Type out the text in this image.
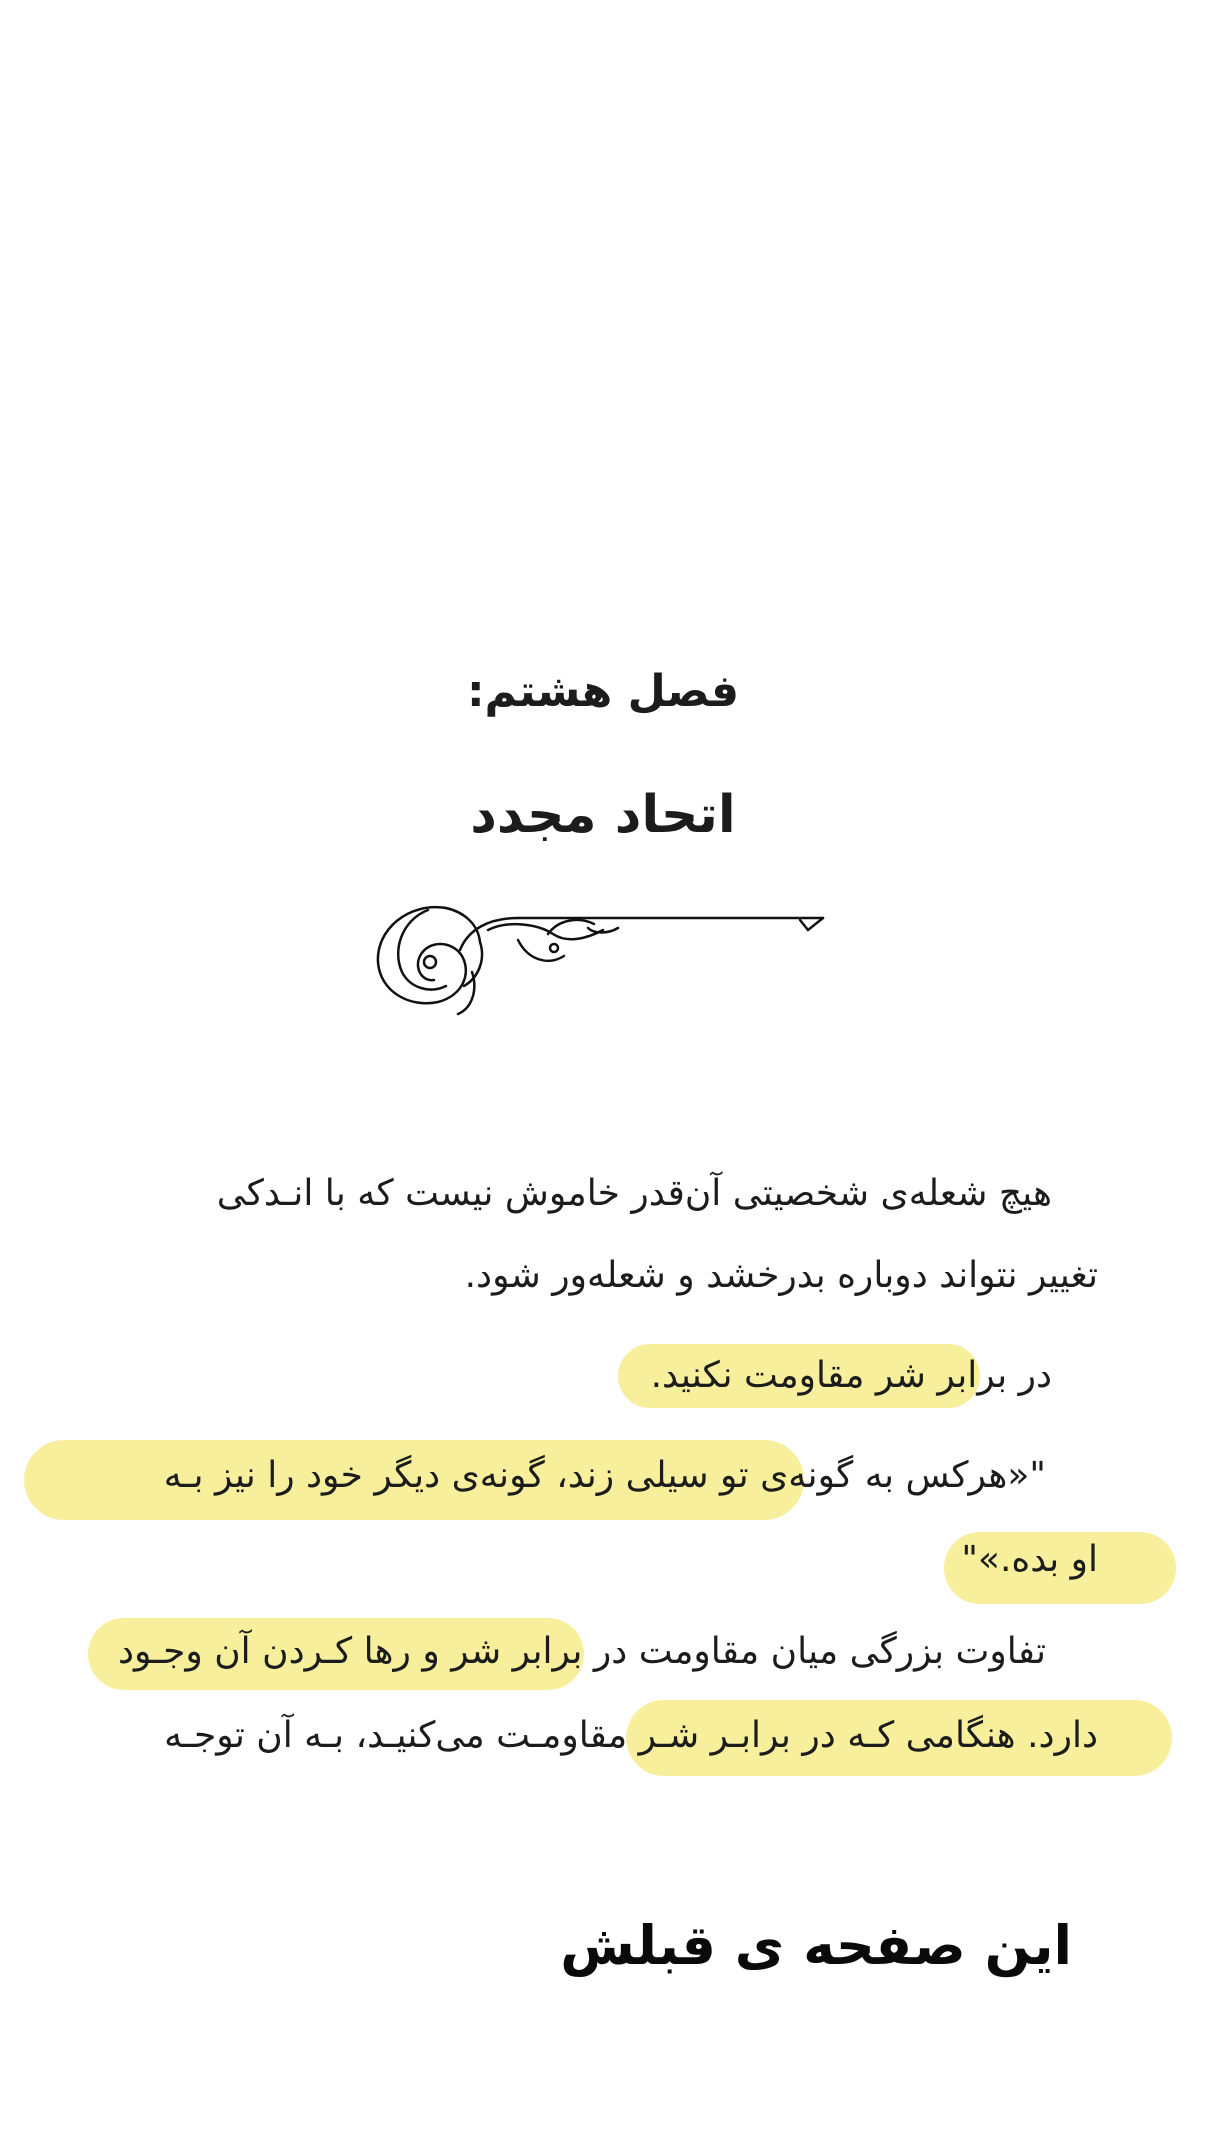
فصل هشتم:
اتحاد مجدد
هیچ شعله‌ی شخصیتی آن‌قدر خاموش نیست که با انـدکی
تغییر نتواند دوباره بدرخشد و شعله‌ور شود.
در برابر شر مقاومت نکنید.
"«هرکس به گونه‌ی تو سیلی زند، گونه‌ی دیگر خود را نیز بـه
او بده.»"
تفاوت بزرگی میان مقاومت در برابر شر و رها کـردن آن وجـود
دارد. هنگامی کـه در برابـر شـر مقاومـت می‌کنیـد، بـه آن توجـه
این صفحه ی قبلش
